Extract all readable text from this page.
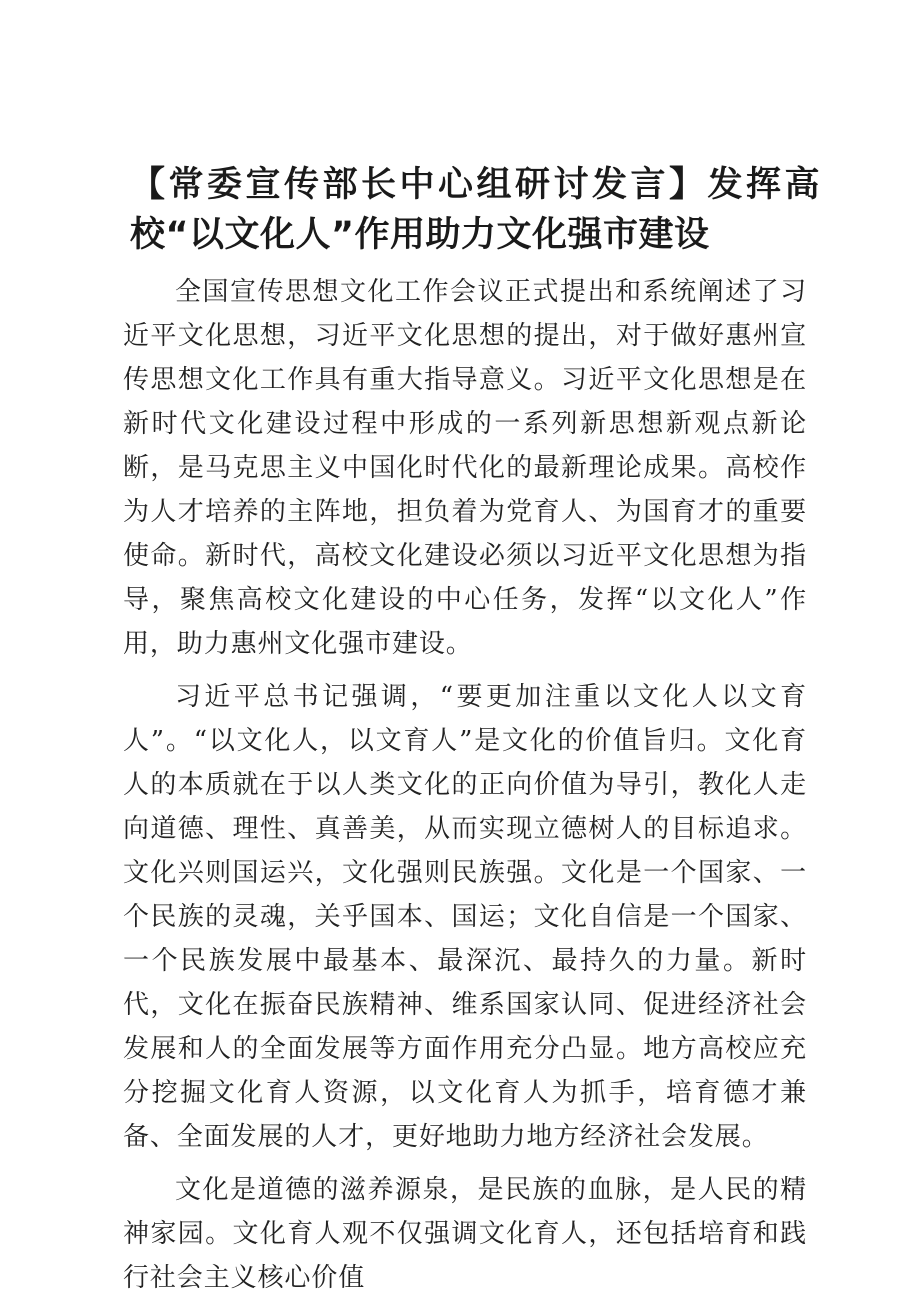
【常委宣传部长中心组研讨发言】发挥高校“以文化人”作用助力文化强市建设

全国宣传思想文化工作会议正式提出和系统阐述了习近平文化思想，习近平文化思想的提出，对于做好惠州宣传思想文化工作具有重大指导意义。习近平文化思想是在新时代文化建设过程中形成的一系列新思想新观点新论断，是马克思主义中国化时代化的最新理论成果。高校作为人才培养的主阵地，担负着为党育人、为国育才的重要使命。新时代，高校文化建设必须以习近平文化思想为指导，聚焦高校文化建设的中心任务，发挥“以文化人”作用，助力惠州文化强市建设。

习近平总书记强调，“要更加注重以文化人以文育人”。“以文化人，以文育人”是文化的价值旨归。文化育人的本质就在于以人类文化的正向价值为导引，教化人走向道德、理性、真善美，从而实现立德树人的目标追求。文化兴则国运兴，文化强则民族强。文化是一个国家、一个民族的灵魂，关乎国本、国运；文化自信是一个国家、一个民族发展中最基本、最深沉、最持久的力量。新时代，文化在振奋民族精神、维系国家认同、促进经济社会发展和人的全面发展等方面作用充分凸显。地方高校应充分挖掘文化育人资源，以文化育人为抓手，培育德才兼备、全面发展的人才，更好地助力地方经济社会发展。

文化是道德的滋养源泉，是民族的血脉，是人民的精神家园。文化育人观不仅强调文化育人，还包括培育和践行社会主义核心价值
